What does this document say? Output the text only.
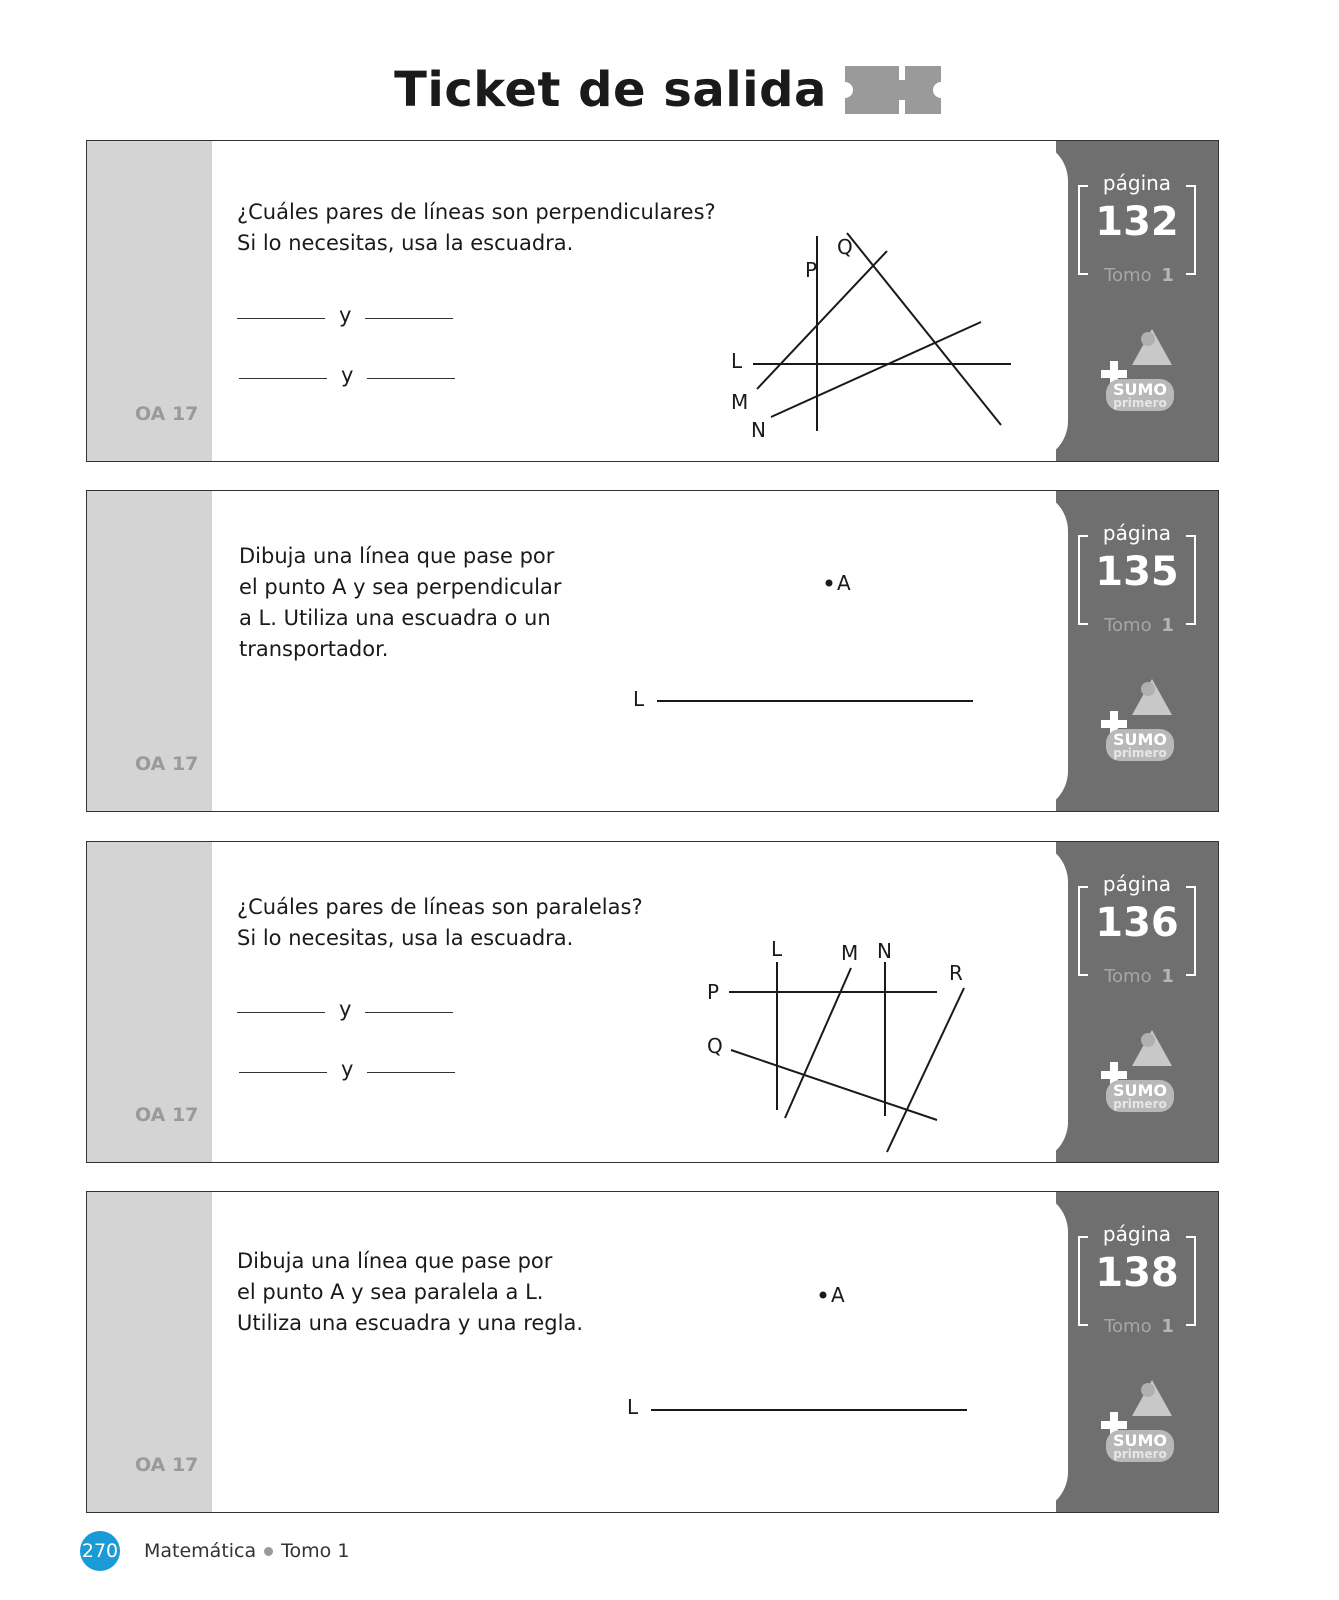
Ticket de salida
OA 17
¿Cuáles pares de líneas son perpendiculares?
Si lo necesitas, usa la escuadra.
y
y
Q
P
L
M
N
página
132
Tomo 1
SUMO
primero
OA 17
Dibuja una línea que pase por
el punto A y sea perpendicular
a L. Utiliza una escuadra o un
transportador.
A
L
página
135
Tomo 1
SUMO
primero
OA 17
¿Cuáles pares de líneas son paralelas?
Si lo necesitas, usa la escuadra.
y
y
L	M N
R
P
Q
página
136
Tomo 1
SUMO
primero
OA 17
Dibuja una línea que pase por
el punto A y sea paralela a L.
Utiliza una escuadra y una regla.
A
L
página
138
Tomo 1
SUMO
primero
270 Matemática Tomo 1
